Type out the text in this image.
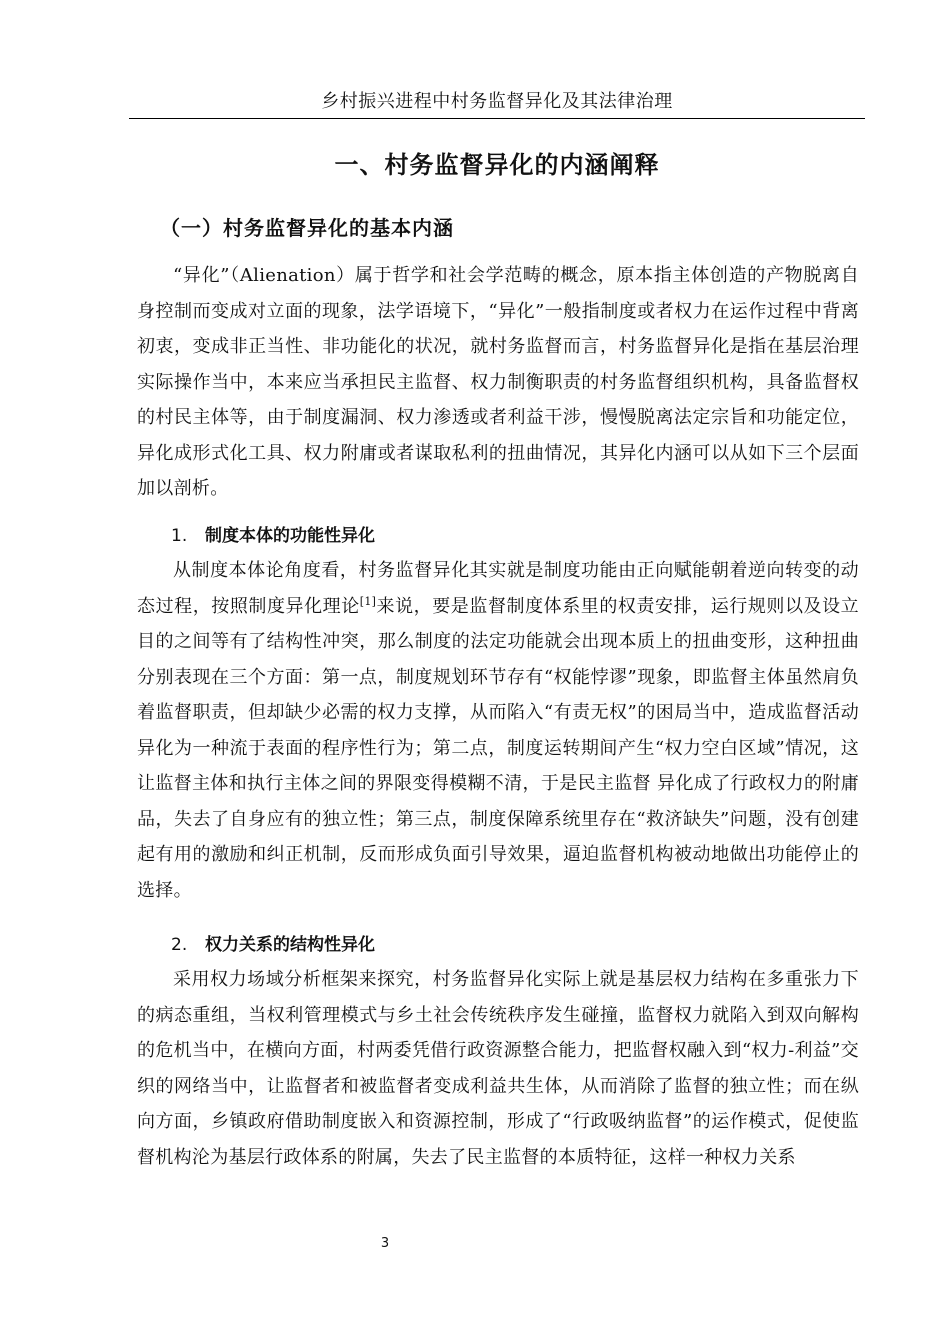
乡村振兴进程中村务监督异化及其法律治理
一、村务监督异化的内涵阐释
（一）村务监督异化的基本内涵

“异化”（Alienation）属于哲学和社会学范畴的概念，原本指主体创造的产物脱离自身控制而变成对立面的现象，法学语境下，“异化”一般指制度或者权力在运作过程中背离初衷，变成非正当性、非功能化的状况，就村务监督而言，村务监督异化是指在基层治理实际操作当中，本来应当承担民主监督、权力制衡职责的村务监督组织机构，具备监督权的村民主体等，由于制度漏洞、权力渗透或者利益干涉，慢慢脱离法定宗旨和功能定位，异化成形式化工具、权力附庸或者谋取私利的扭曲情况，其异化内涵可以从如下三个层面加以剖析。

1. 制度本体的功能性异化

从制度本体论角度看，村务监督异化其实就是制度功能由正向赋能朝着逆向转变的动态过程，按照制度异化理论[1]来说，要是监督制度体系里的权责安排，运行规则以及设立目的之间等有了结构性冲突，那么制度的法定功能就会出现本质上的扭曲变形，这种扭曲分别表现在三个方面：第一点，制度规划环节存有“权能悖谬”现象，即监督主体虽然肩负着监督职责，但却缺少必需的权力支撑，从而陷入“有责无权”的困局当中，造成监督活动异化为一种流于表面的程序性行为；第二点，制度运转期间产生“权力空白区域”情况，这让监督主体和执行主体之间的界限变得模糊不清，于是民主监督 异化成了行政权力的附庸品，失去了自身应有的独立性；第三点，制度保障系统里存在“救济缺失”问题，没有创建起有用的激励和纠正机制，反而形成负面引导效果，逼迫监督机构被动地做出功能停止的选择。

2. 权力关系的结构性异化

采用权力场域分析框架来探究，村务监督异化实际上就是基层权力结构在多重张力下的病态重组，当权利管理模式与乡土社会传统秩序发生碰撞，监督权力就陷入到双向解构的危机当中，在横向方面，村两委凭借行政资源整合能力，把监督权融入到“权力-利益”交织的网络当中，让监督者和被监督者变成利益共生体，从而消除了监督的独立性；而在纵向方面，乡镇政府借助制度嵌入和资源控制，形成了“行政吸纳监督”的运作模式，促使监督机构沦为基层行政体系的附属，失去了民主监督的本质特征，这样一种权力关系

3
